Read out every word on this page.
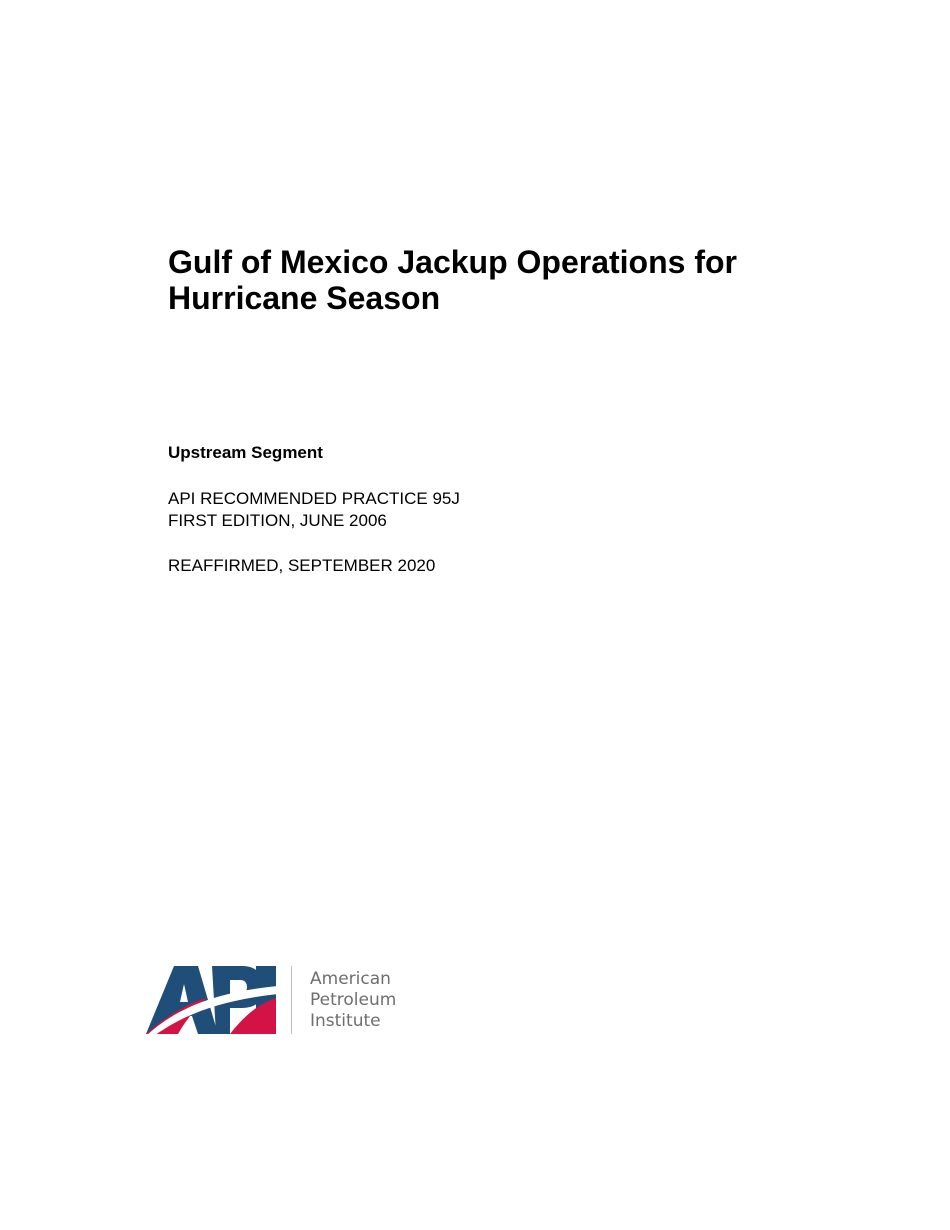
Gulf of Mexico Jackup Operations for
Hurricane Season

Upstream Segment

API RECOMMENDED PRACTICE 95J
FIRST EDITION, JUNE 2006
REAFFIRMED, SEPTEMBER 2020
American
Petroleum
Institute
